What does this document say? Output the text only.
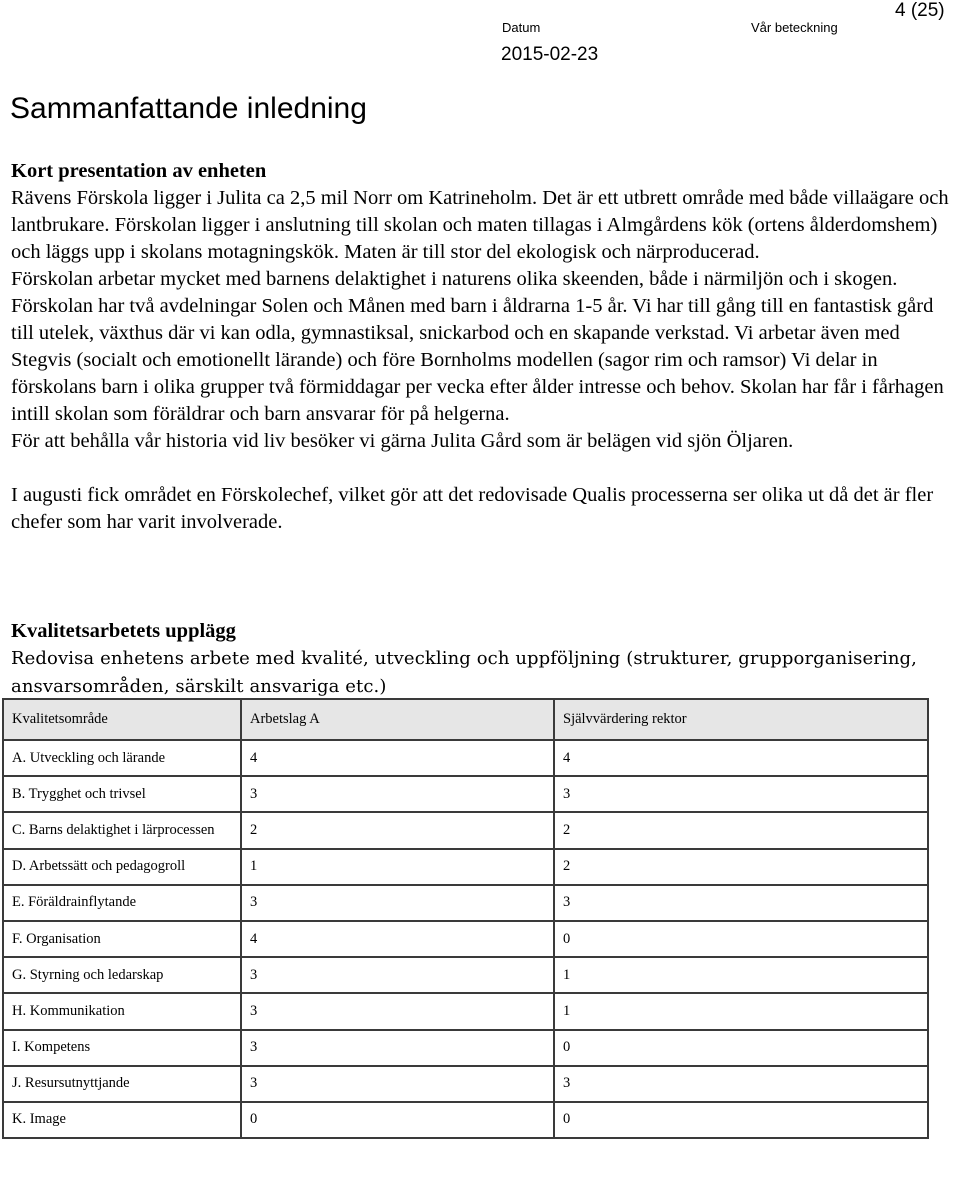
4 (25)
Datum	Vår beteckning
2015-02-23
Sammanfattande inledning

Kort presentation av enheten

Rävens Förskola ligger i Julita ca 2,5 mil Norr om Katrineholm. Det är ett utbrett område med både villaägare och lantbrukare. Förskolan ligger i anslutning till skolan och maten tillagas i Almgårdens kök (ortens ålderdomshem) och läggs upp i skolans motagningskök. Maten är till stor del ekologisk och närproducerad.

Förskolan arbetar mycket med barnens delaktighet i naturens olika skeenden, både i närmiljön och i skogen. Förskolan har två avdelningar Solen och Månen med barn i åldrarna 1-5 år. Vi har till gång till en fantastisk gård till utelek, växthus där vi kan odla, gymnastiksal, snickarbod och en skapande verkstad. Vi arbetar även med Stegvis (socialt och emotionellt lärande) och före Bornholms modellen (sagor rim och ramsor) Vi delar in förskolans barn i olika grupper två förmiddagar per vecka efter ålder intresse och behov. Skolan har får i fårhagen intill skolan som föräldrar och barn ansvarar för på helgerna.

För att behålla vår historia vid liv besöker vi gärna Julita Gård som är belägen vid sjön Öljaren.

I augusti fick området en Förskolechef, vilket gör att det redovisade Qualis processerna ser olika ut då det är fler chefer som har varit involverade.

Kvalitetsarbetets upplägg

Redovisa enhetens arbete med kvalité, utveckling och uppföljning (strukturer, grupporganisering, ansvarsområden, särskilt ansvariga etc.)

Kvalitetsområde	Arbetslag A	Självvärdering rektor
A. Utveckling och lärande	4	4
B. Trygghet och trivsel	3	3
C. Barns delaktighet i lärprocessen	2	2
D. Arbetssätt och pedagogroll	1	2
E. Föräldrainflytande	3	3
F. Organisation	4	0
G. Styrning och ledarskap	3	1
H. Kommunikation	3	1
I. Kompetens	3	0
J. Resursutnyttjande	3	3
K. Image	0	0
